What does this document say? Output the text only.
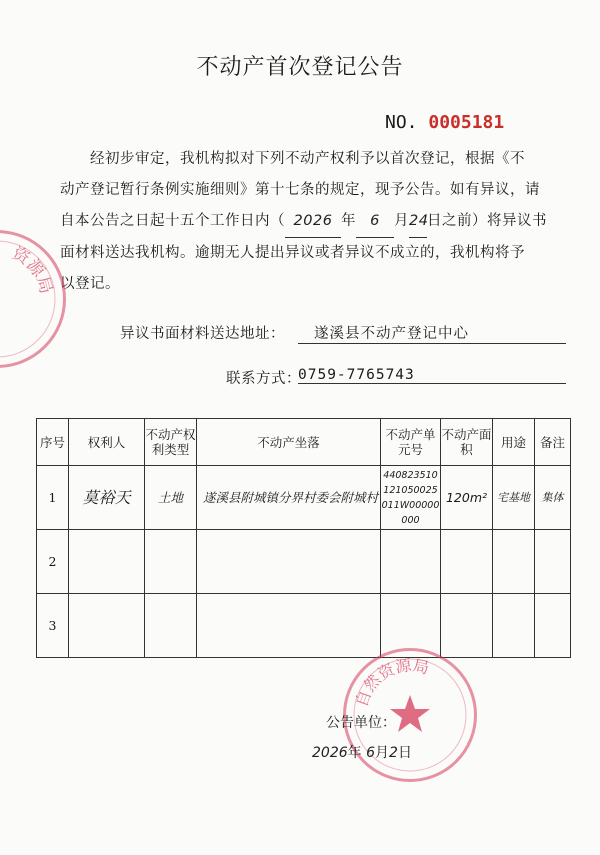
不动产首次登记公告
NO. 0005181
经初步审定，我机构拟对下列不动产权利予以首次登记，根据《不
动产登记暂行条例实施细则》第十七条的规定，现予公告。如有异议，请
自本公告之日起十五个工作日内（ 2026 年 6 月24日之前）将异议书
面材料送达我机构。逾期无人提出异议或者异议不成立的，我机构将予
以登记。
异议书面材料送达地址：	遂溪县不动产登记中心
联系方式：
0759-7765743
序号	权利人	不动产权利类型	不动产坐落	不动产单元号	不动产面积	用途	备注
1	莫裕天	土地	遂溪县附城镇分界村委会附城村	440823510121050025011W00000000	120m²	宅基地	集体
2							
3							
资源局
自然资源局
公告单位：
2026年 6月2日
